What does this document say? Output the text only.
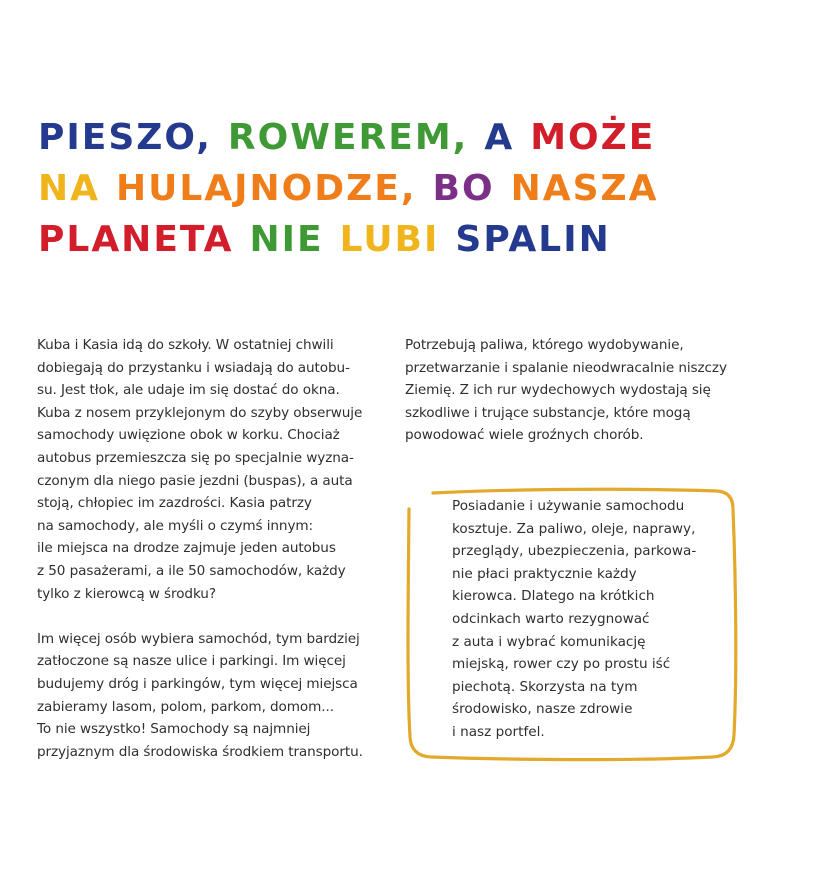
PIESZO, ROWEREM, A MOŻE
NA HULAJNODZE, BO NASZA
PLANETA NIE LUBI SPALIN

Kuba i Kasia idą do szkoły. W ostatniej chwili
dobiegają do przystanku i wsiadają do autobu-
su. Jest tłok, ale udaje im się dostać do okna.
Kuba z nosem przyklejonym do szyby obserwuje
samochody uwięzione obok w korku. Chociaż
autobus przemieszcza się po specjalnie wyzna-
czonym dla niego pasie jezdni (buspas), a auta
stoją, chłopiec im zazdrości. Kasia patrzy
na samochody, ale myśli o czymś innym:
ile miejsca na drodze zajmuje jeden autobus
z 50 pasażerami, a ile 50 samochodów, każdy
tylko z kierowcą w środku?

Im więcej osób wybiera samochód, tym bardziej
zatłoczone są nasze ulice i parkingi. Im więcej
budujemy dróg i parkingów, tym więcej miejsca
zabieramy lasom, polom, parkom, domom...
To nie wszystko! Samochody są najmniej
przyjaznym dla środowiska środkiem transportu.

Potrzebują paliwa, którego wydobywanie,
przetwarzanie i spalanie nieodwracalnie niszczy
Ziemię. Z ich rur wydechowych wydostają się
szkodliwe i trujące substancje, które mogą
powodować wiele groźnych chorób.

Posiadanie i używanie samochodu
kosztuje. Za paliwo, oleje, naprawy,
przeglądy, ubezpieczenia, parkowa-
nie płaci praktycznie każdy
kierowca. Dlatego na krótkich
odcinkach warto rezygnować
z auta i wybrać komunikację
miejską, rower czy po prostu iść
piechotą. Skorzysta na tym
środowisko, nasze zdrowie
i nasz portfel.
